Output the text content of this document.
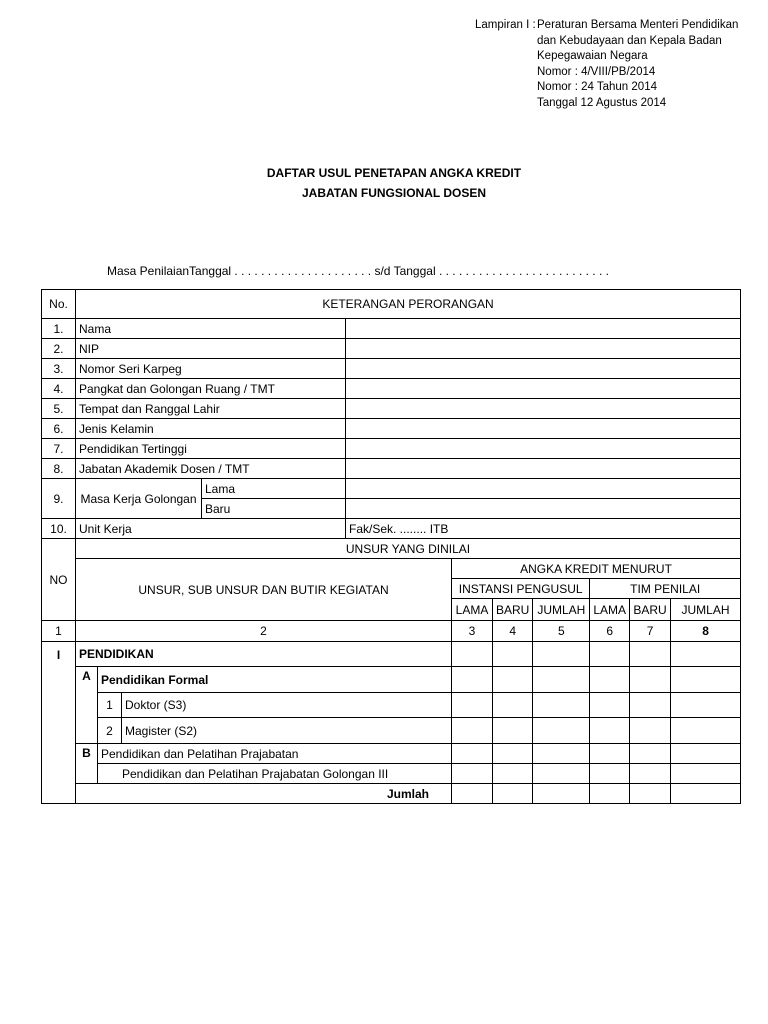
Lampiran I : Peraturan Bersama Menteri Pendidikan
dan Kebudayaan dan Kepala Badan
Kepegawaian Negara
Nomor : 4/VIII/PB/2014
Nomor : 24 Tahun 2014
Tanggal 12 Agustus 2014
DAFTAR USUL PENETAPAN ANGKA KREDIT
JABATAN FUNGSIONAL DOSEN
Masa PenilaianTanggal . . . . . . . . . . . . . . . . . . . . . s/d Tanggal . . . . . . . . . . . . . . . . . . . . . . . . . .
No.	KETERANGAN PERORANGAN										
1.	Nama										
2.	NIP										
3.	Nomor Seri Karpeg										
4.	Pangkat dan Golongan Ruang / TMT										
5.	Tempat dan Ranggal Lahir										
6.	Jenis Kelamin										
7.	Pendidikan Tertinggi										
8.	Jabatan Akademik Dosen / TMT										
9.	Masa Kerja Golongan			Lama							
				Baru							
10.	Unit Kerja				Fak/Sek. ........ ITB						
NO	UNSUR YANG DINILAI										
	UNSUR, SUB UNSUR DAN BUTIR KEGIATAN					ANGKA KREDIT MENURUT					
						INSTANSI PENGUSUL			TIM PENILAI		
						LAMA	BARU	JUMLAH	LAMA	BARU	JUMLAH
1	2					3	4	5	6	7	8
I	PENDIDIKAN										
	A	Pendidikan Formal									
		1	Doktor (S3)								
		2	Magister (S2)								
	B	Pendidikan dan Pelatihan Prajabatan									
		Pendidikan dan Pelatihan Prajabatan Golongan III									
	Jumlah										
